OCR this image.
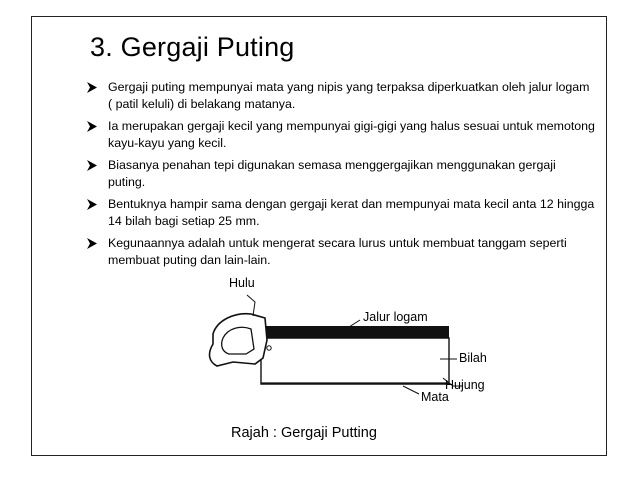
3. Gergaji Puting
Gergaji puting mempunyai mata yang nipis yang terpaksa diperkuatkan oleh jalur logam ( patil keluli) di belakang matanya.
Ia merupakan gergaji kecil yang mempunyai gigi-gigi yang halus sesuai untuk memotong kayu-kayu yang kecil.
Biasanya penahan tepi digunakan semasa menggergajikan menggunakan gergaji puting.
Bentuknya hampir sama dengan gergaji kerat dan mempunyai mata kecil anta 12 hingga 14 bilah bagi setiap 25 mm.
Kegunaannya adalah untuk mengerat secara lurus untuk membuat tanggam seperti membuat puting dan lain-lain.
Hulu
Jalur logam
Bilah
Hujung
Mata
Rajah : Gergaji Putting
